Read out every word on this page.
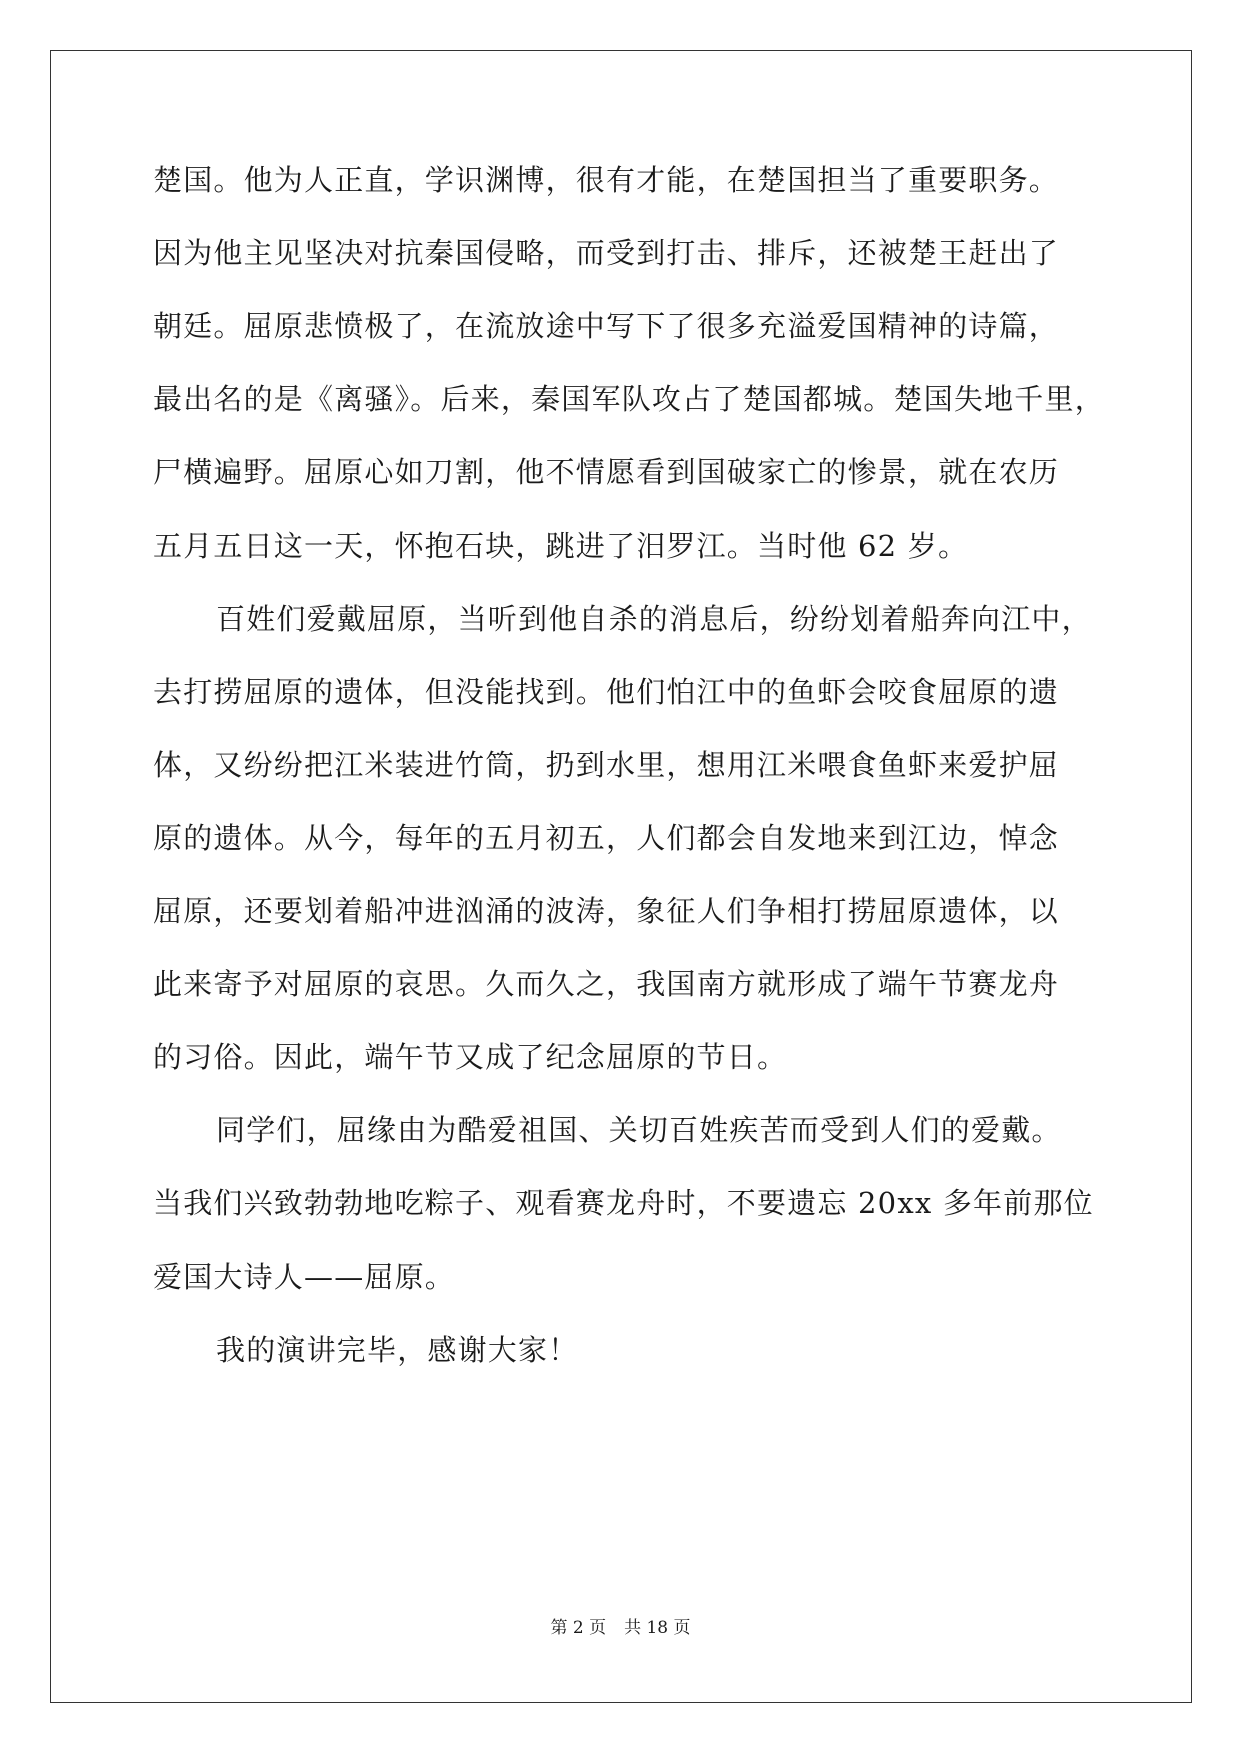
楚国。他为人正直，学识渊博，很有才能，在楚国担当了重要职务。
因为他主见坚决对抗秦国侵略，而受到打击、排斥，还被楚王赶出了
朝廷。屈原悲愤极了，在流放途中写下了很多充溢爱国精神的诗篇，
最出名的是《离骚》。后来，秦国军队攻占了楚国都城。楚国失地千里，
尸横遍野。屈原心如刀割，他不情愿看到国破家亡的惨景，就在农历
五月五日这一天，怀抱石块，跳进了汨罗江。当时他 62 岁。
百姓们爱戴屈原，当听到他自杀的消息后，纷纷划着船奔向江中，
去打捞屈原的遗体，但没能找到。他们怕江中的鱼虾会咬食屈原的遗
体，又纷纷把江米装进竹筒，扔到水里，想用江米喂食鱼虾来爱护屈
原的遗体。从今，每年的五月初五，人们都会自发地来到江边，悼念
屈原，还要划着船冲进汹涌的波涛，象征人们争相打捞屈原遗体，以
此来寄予对屈原的哀思。久而久之，我国南方就形成了端午节赛龙舟
的习俗。因此，端午节又成了纪念屈原的节日。
同学们，屈缘由为酷爱祖国、关切百姓疾苦而受到人们的爱戴。
当我们兴致勃勃地吃粽子、观看赛龙舟时，不要遗忘 20xx 多年前那位
爱国大诗人——屈原。
我的演讲完毕，感谢大家！
第 2 页 共 18 页
